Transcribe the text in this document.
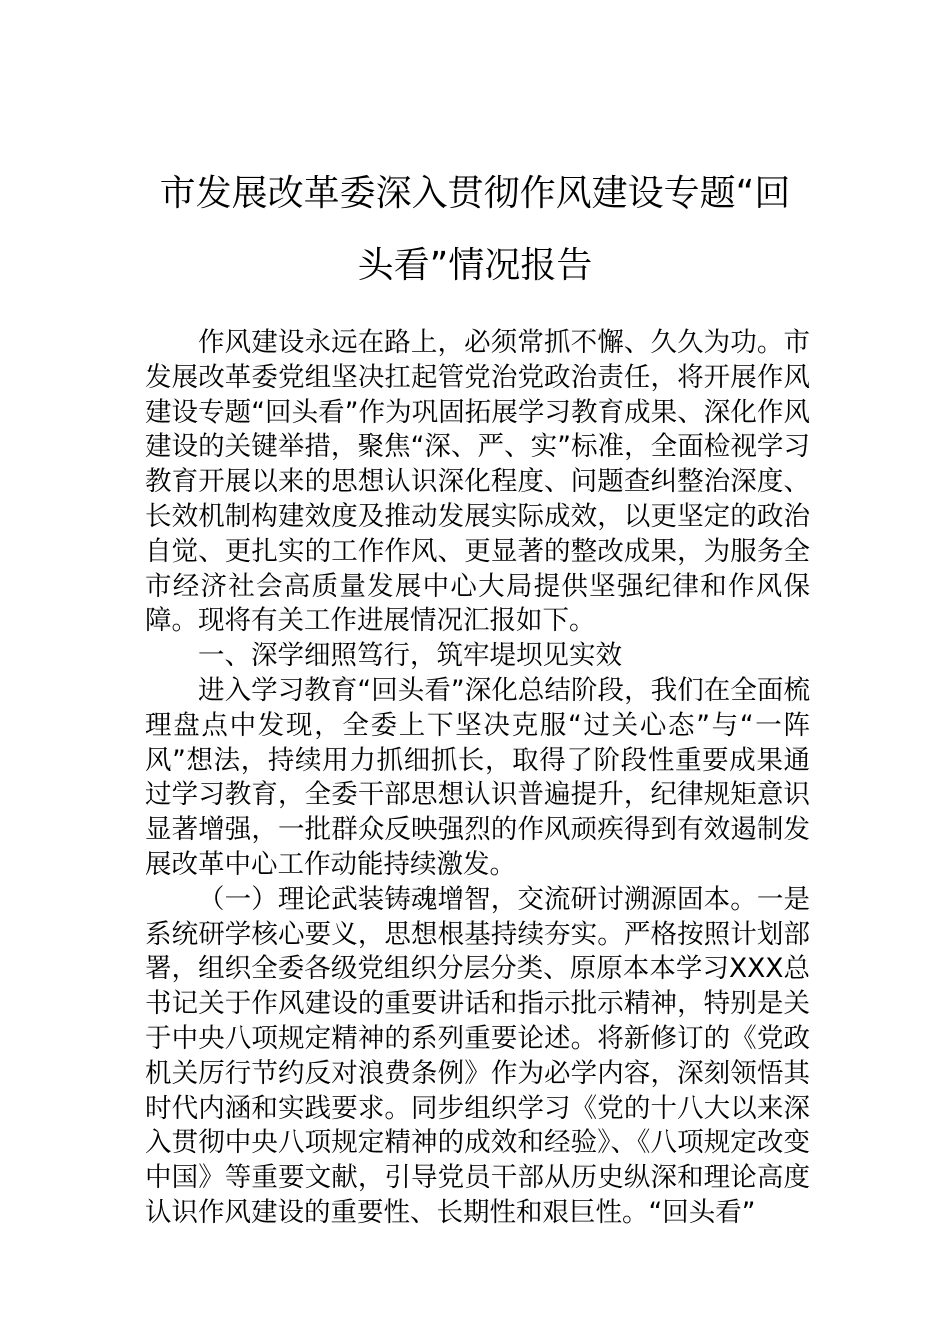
市发展改革委深入贯彻作风建设专题“回头看”情况报告

作风建设永远在路上，必须常抓不懈、久久为功。市发展改革委党组坚决扛起管党治党政治责任，将开展作风建设专题“回头看”作为巩固拓展学习教育成果、深化作风建设的关键举措，聚焦“深、严、实”标准，全面检视学习教育开展以来的思想认识深化程度、问题查纠整治深度、长效机制构建效度及推动发展实际成效，以更坚定的政治自觉、更扎实的工作作风、更显著的整改成果，为服务全市经济社会高质量发展中心大局提供坚强纪律和作风保障。现将有关工作进展情况汇报如下。

一、深学细照笃行，筑牢堤坝见实效

进入学习教育“回头看”深化总结阶段，我们在全面梳理盘点中发现，全委上下坚决克服“过关心态”与“一阵风”想法，持续用力抓细抓长，取得了阶段性重要成果通过学习教育，全委干部思想认识普遍提升，纪律规矩意识显著增强，一批群众反映强烈的作风顽疾得到有效遏制发展改革中心工作动能持续激发。

（一）理论武装铸魂增智，交流研讨溯源固本。一是系统研学核心要义，思想根基持续夯实。严格按照计划部署，组织全委各级党组织分层分类、原原本本学习XXX总书记关于作风建设的重要讲话和指示批示精神，特别是关于中央八项规定精神的系列重要论述。将新修订的《党政机关厉行节约反对浪费条例》作为必学内容，深刻领悟其时代内涵和实践要求。同步组织学习《党的十八大以来深入贯彻中央八项规定精神的成效和经验》、《八项规定改变中国》等重要文献，引导党员干部从历史纵深和理论高度认识作风建设的重要性、长期性和艰巨性。“回头看”
